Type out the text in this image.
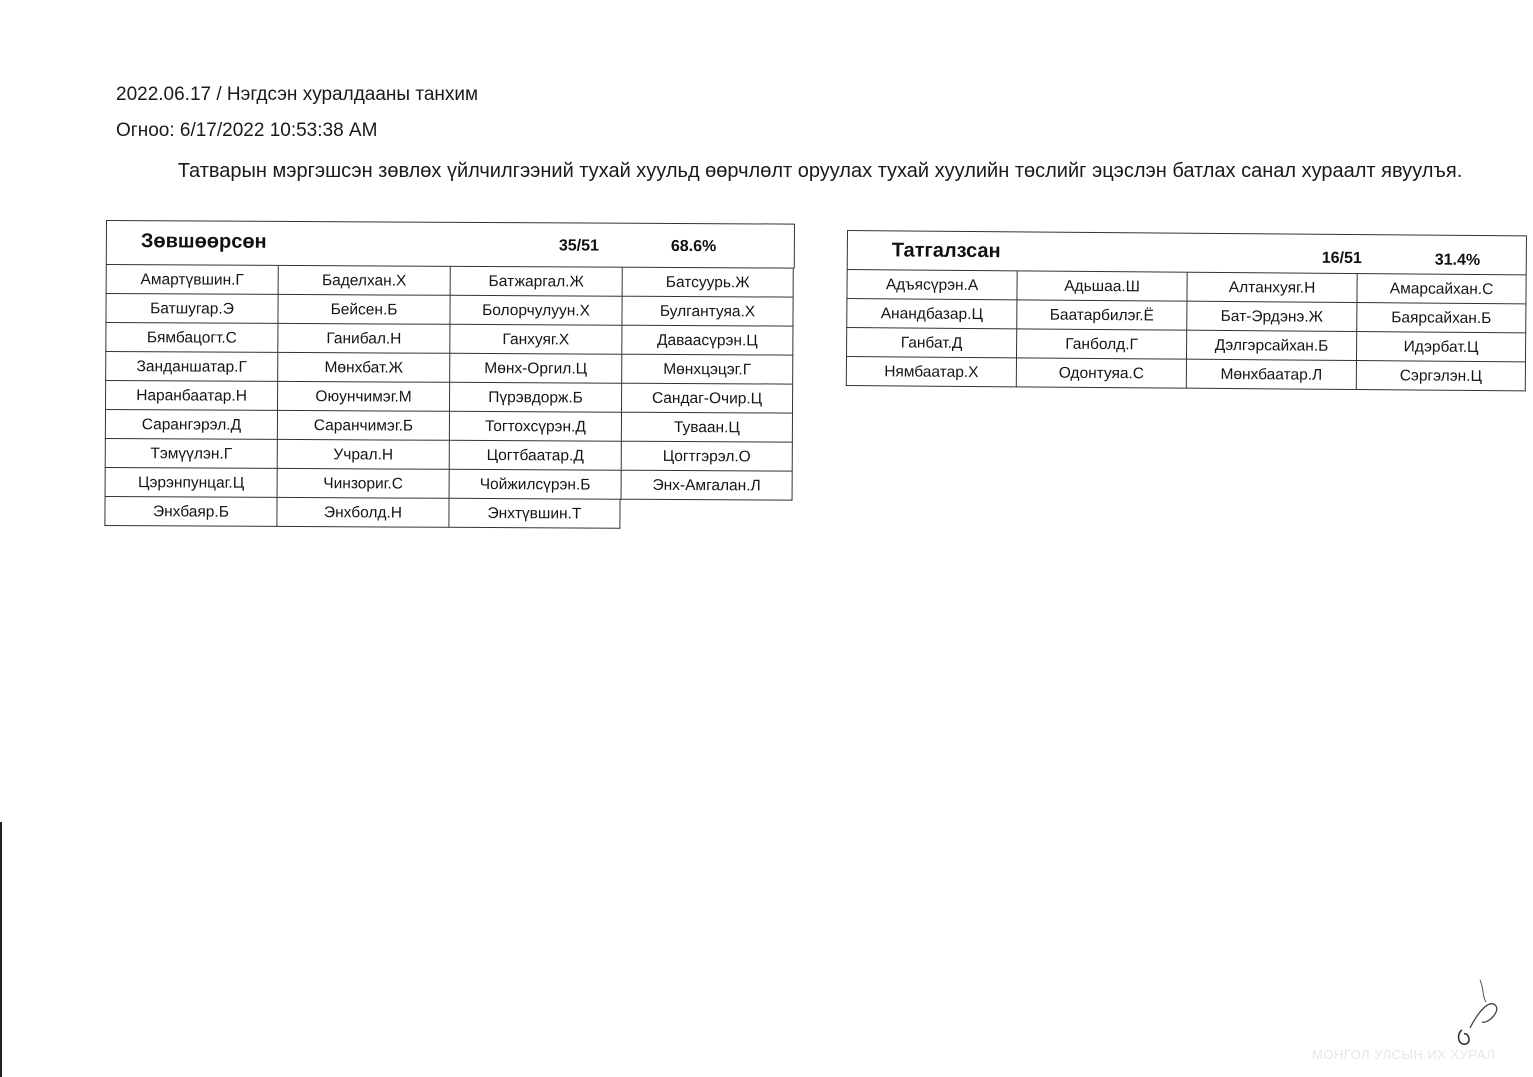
2022.06.17 / Нэгдсэн хуралдааны танхим
Огноо: 6/17/2022 10:53:38 AM
Татварын мэргэшсэн зөвлөх үйлчилгээний тухай хуульд өөрчлөлт оруулах тухай хуулийн төслийг эцэслэн батлах санал хураалт явуулъя.
Зөвшөөрсөн	35/51	68.6%
Амартүвшин.Г	Баделхан.Х	Батжаргал.Ж	Батсуурь.Ж
Батшугар.Э	Бейсен.Б	Болорчулуун.Х	Булгантуяа.Х
Бямбацогт.С	Ганибал.Н	Ганхуяг.Х	Даваасүрэн.Ц
Занданшатар.Г	Мөнхбат.Ж	Мөнх-Оргил.Ц	Мөнхцэцэг.Г
Наранбаатар.Н	Оюунчимэг.М	Пүрэвдорж.Б	Сандаг-Очир.Ц
Сарангэрэл.Д	Саранчимэг.Б	Тогтохсүрэн.Д	Туваан.Ц
Тэмүүлэн.Г	Учрал.Н	Цогтбаатар.Д	Цогтгэрэл.О
Цэрэнпунцаг.Ц	Чинзориг.С	Чойжилсүрэн.Б	Энх-Амгалан.Л
Энхбаяр.Б	Энхболд.Н	Энхтүвшин.Т
Татгалзсан	16/51	31.4%
Адъясүрэн.А	Адьшаа.Ш	Алтанхуяг.Н	Амарсайхан.С
Анандбазар.Ц	Баатарбилэг.Ё	Бат-Эрдэнэ.Ж	Баярсайхан.Б
Ганбат.Д	Ганболд.Г	Дэлгэрсайхан.Б	Идэрбат.Ц
Нямбаатар.Х	Одонтуяа.С	Мөнхбаатар.Л	Сэргэлэн.Ц
МОНГОЛ УЛСЫН ИХ ХУРАЛ
